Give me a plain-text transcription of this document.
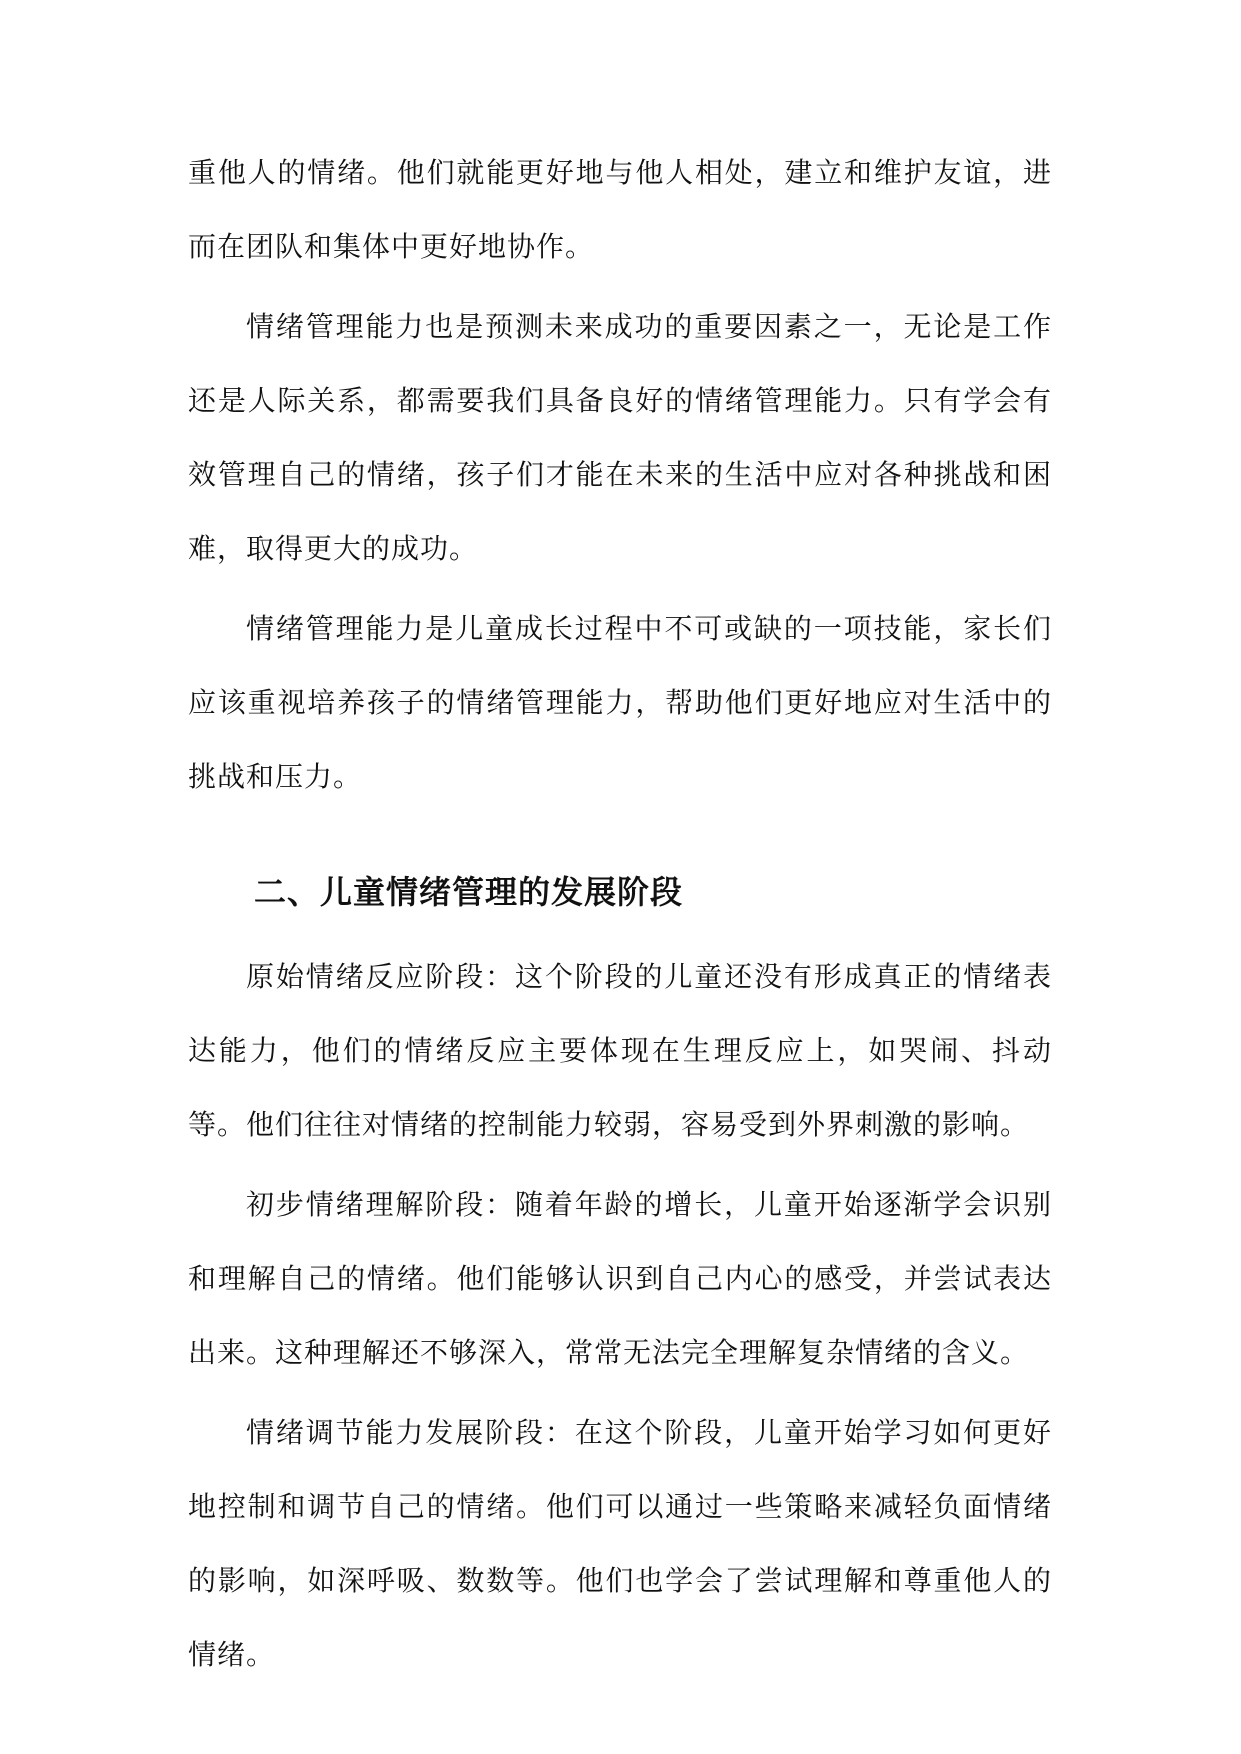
重他人的情绪。他们就能更好地与他人相处，建立和维护友谊，进而在团队和集体中更好地协作。

情绪管理能力也是预测未来成功的重要因素之一，无论是工作还是人际关系，都需要我们具备良好的情绪管理能力。只有学会有效管理自己的情绪，孩子们才能在未来的生活中应对各种挑战和困难，取得更大的成功。

情绪管理能力是儿童成长过程中不可或缺的一项技能，家长们应该重视培养孩子的情绪管理能力，帮助他们更好地应对生活中的挑战和压力。

二、儿童情绪管理的发展阶段

原始情绪反应阶段：这个阶段的儿童还没有形成真正的情绪表达能力，他们的情绪反应主要体现在生理反应上，如哭闹、抖动等。他们往往对情绪的控制能力较弱，容易受到外界刺激的影响。

初步情绪理解阶段：随着年龄的增长，儿童开始逐渐学会识别和理解自己的情绪。他们能够认识到自己内心的感受，并尝试表达出来。这种理解还不够深入，常常无法完全理解复杂情绪的含义。

情绪调节能力发展阶段：在这个阶段，儿童开始学习如何更好地控制和调节自己的情绪。他们可以通过一些策略来减轻负面情绪的影响，如深呼吸、数数等。他们也学会了尝试理解和尊重他人的情绪。
